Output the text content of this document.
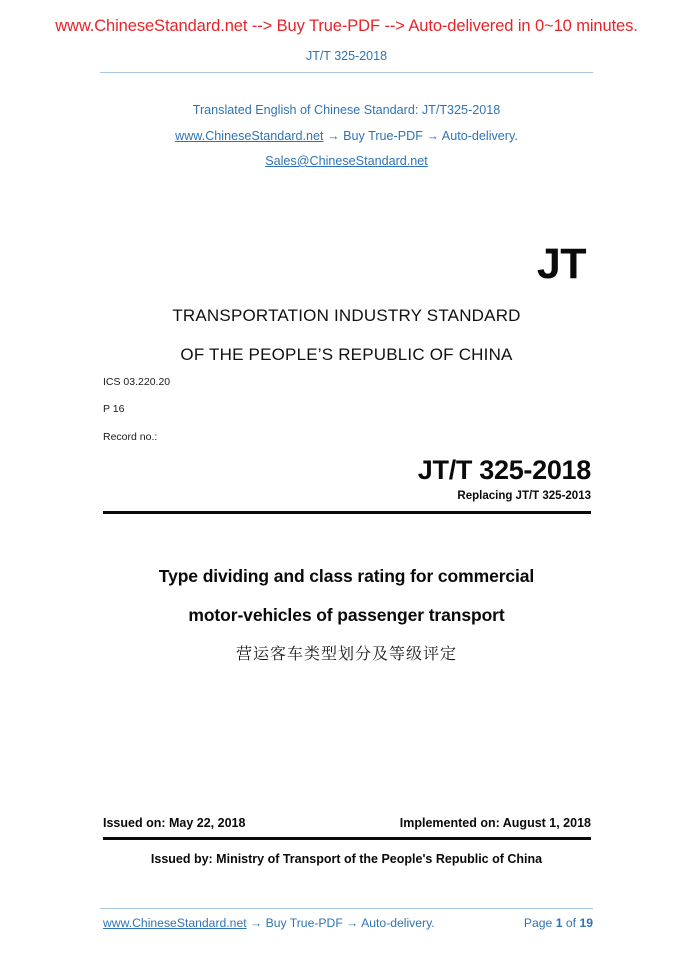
www.ChineseStandard.net --> Buy True-PDF --> Auto-delivered in 0~10 minutes.
JT/T 325-2018
Translated English of Chinese Standard: JT/T325-2018
www.ChineseStandard.net → Buy True-PDF → Auto-delivery.
Sales@ChineseStandard.net
JT
TRANSPORTATION INDUSTRY STANDARD
OF THE PEOPLE’S REPUBLIC OF CHINA
ICS 03.220.20
P 16
Record no.:
JT/T 325-2018
Replacing JT/T 325-2013
Type dividing and class rating for commercial
motor-vehicles of passenger transport
营运客车类型划分及等级评定
Issued on: May 22, 2018	Implemented on: August 1, 2018
Issued by: Ministry of Transport of the People's Republic of China
www.ChineseStandard.net → Buy True-PDF → Auto-delivery.	Page 1 of 19
